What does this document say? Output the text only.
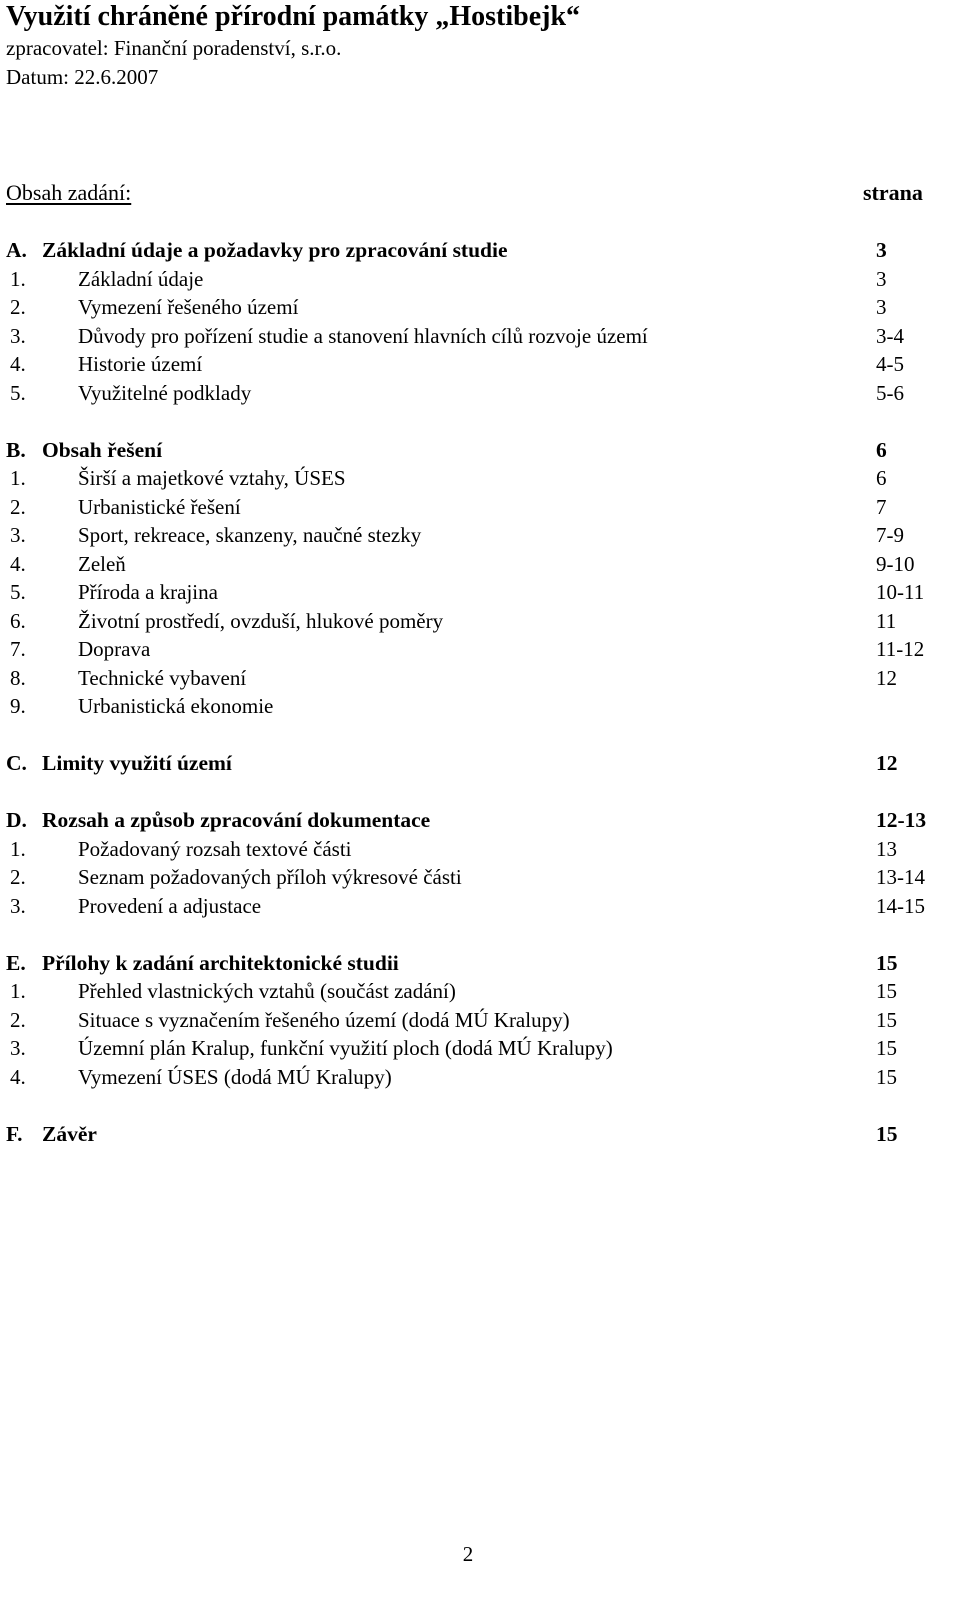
Využití chráněné přírodní památky „Hostibejk“
zpracovatel: Finanční poradenství, s.r.o.
Datum: 22.6.2007
Obsah zadání:	strana
A. Základní údaje a požadavky pro zpracování studie	3
1. Základní údaje	3
2. Vymezení řešeného území	3
3. Důvody pro pořízení studie a stanovení hlavních cílů rozvoje území	3-4
4. Historie území	4-5
5. Využitelné podklady	5-6
B. Obsah řešení	6
1. Širší a majetkové vztahy, ÚSES	6
2. Urbanistické řešení	7
3. Sport, rekreace, skanzeny, naučné stezky	7-9
4. Zeleň	9-10
5. Příroda a krajina	10-11
6. Životní prostředí, ovzduší, hlukové poměry	11
7. Doprava	11-12
8. Technické vybavení	12
9. Urbanistická ekonomie
C. Limity využití území	12
D. Rozsah a způsob zpracování dokumentace	12-13
1. Požadovaný rozsah textové části	13
2. Seznam požadovaných příloh výkresové části	13-14
3. Provedení a adjustace	14-15
E. Přílohy k zadání architektonické studii	15
1. Přehled vlastnických vztahů (součást zadání)	15
2. Situace s vyznačením řešeného území (dodá MÚ Kralupy)	15
3. Územní plán Kralup, funkční využití ploch (dodá MÚ Kralupy)	15
4. Vymezení ÚSES (dodá MÚ Kralupy)	15
F. Závěr	15
2
